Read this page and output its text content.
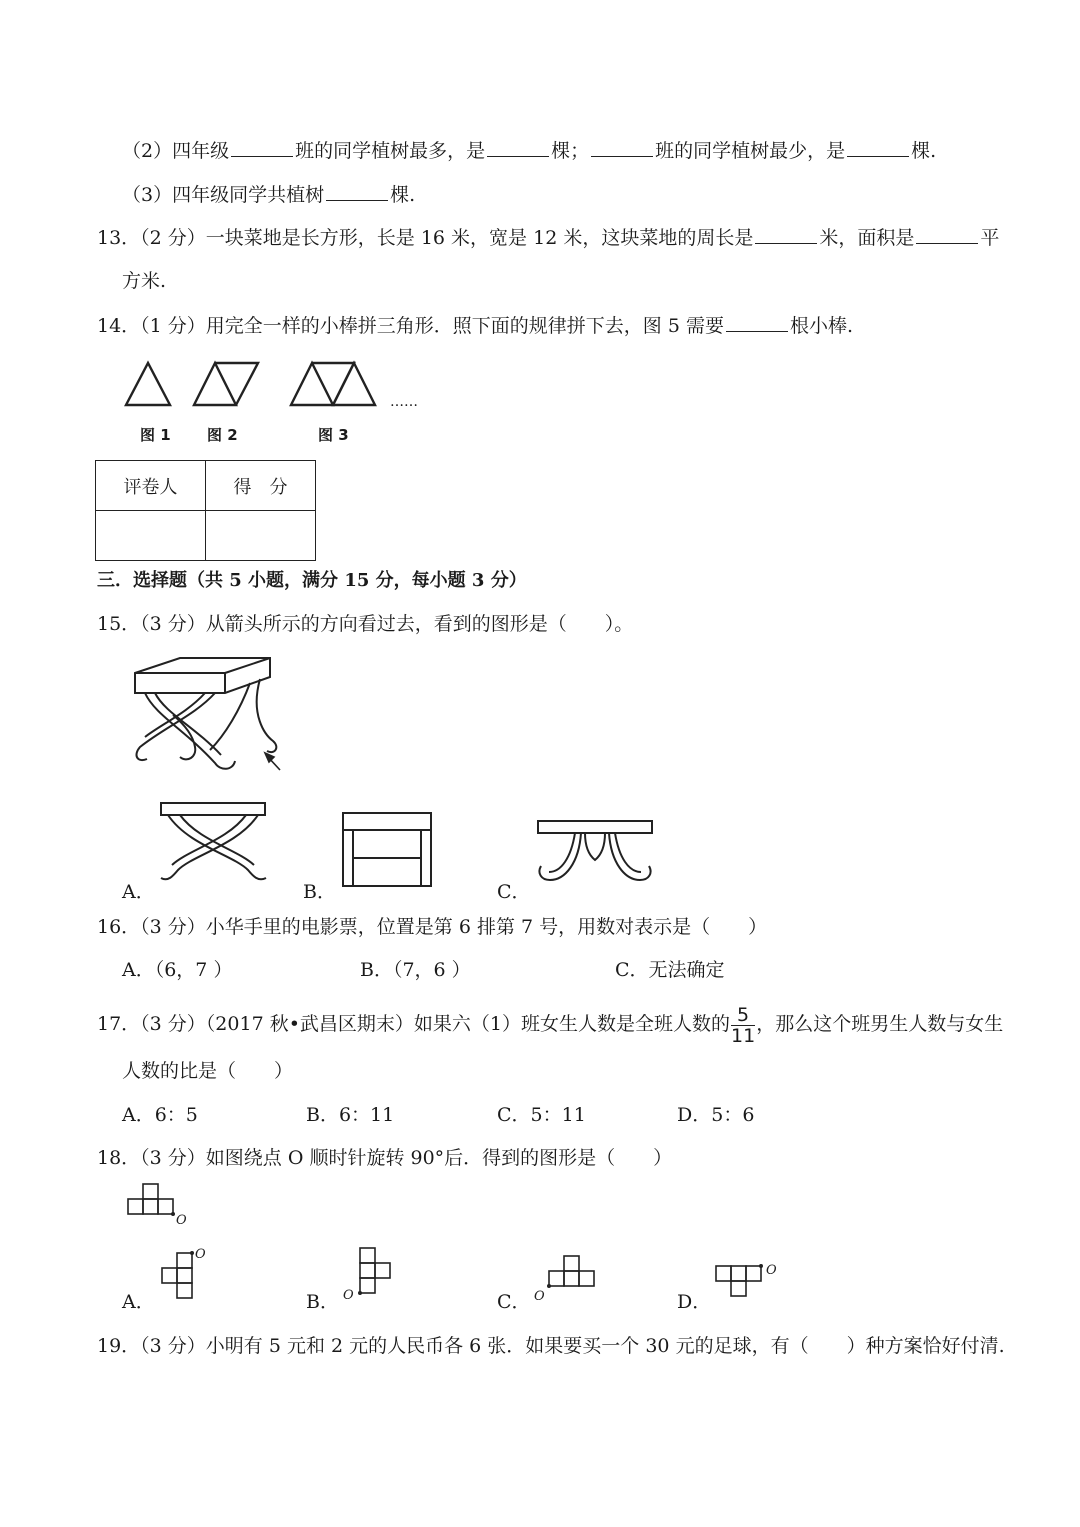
（2）四年级	班的同学植树最多，是	棵；	班的同学植树最少，是	棵.
（3）四年级同学共植树	棵.
13．（2 分）一块菜地是长方形，长是 16 米，宽是 12 米，这块菜地的周长是	米，面积是	平
方米.
14．（1 分）用完全一样的小棒拼三角形．照下面的规律拼下去，图 5 需要	根小棒.
图 1 图 2	图 3
……
评卷人	得　分

三．选择题（共 5 小题，满分 15 分，每小题 3 分）
15．（3 分）从箭头所示的方向看过去，看到的图形是（　　）。
A．	B．	C．
16．（3 分）小华手里的电影票，位置是第 6 排第 7 号，用数对表示是（　　）
A．（6，7 ）	B．（7，6 ）	C．无法确定
17．（3 分）（2017 秋•武昌区期末）如果六（1）班女生人数是全班人数的 $\frac{5}{11}$ ，那么这个班男生人数与女生
人数的比是（　　）
A．6：5	B．6：11	C．5：11	D．5：6
18．（3 分）如图绕点 O 顺时针旋转 90°后．得到的图形是（　　）
O
A．
O
B． O	C． O	D．
O
19．（3 分）小明有 5 元和 2 元的人民币各 6 张．如果要买一个 30 元的足球，有（　　）种方案恰好付清.
